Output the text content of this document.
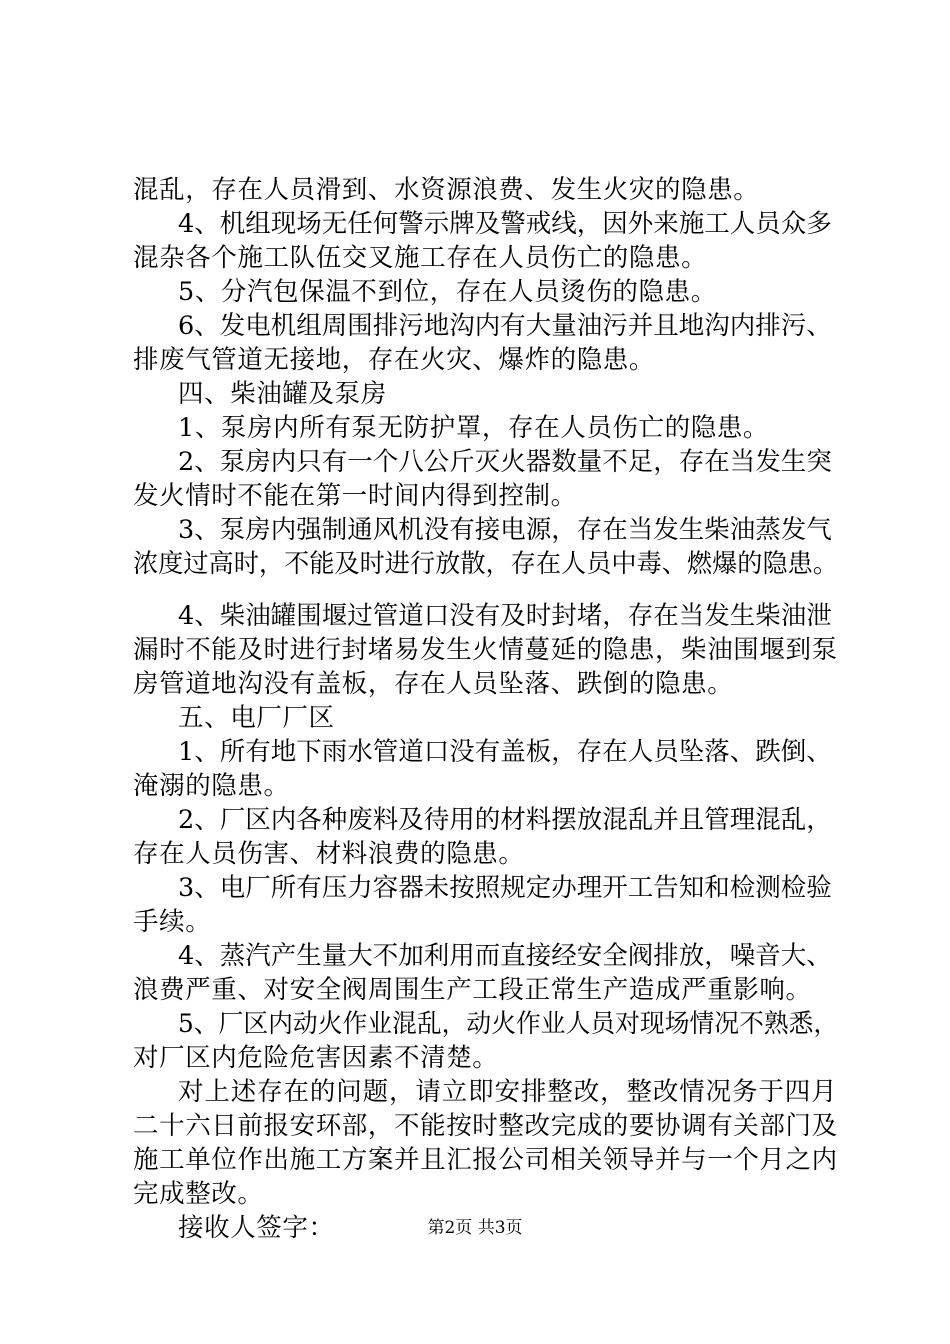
混乱，存在人员滑到、水资源浪费、发生火灾的隐患。
4、机组现场无任何警示牌及警戒线，因外来施工人员众多
混杂各个施工队伍交叉施工存在人员伤亡的隐患。
5、分汽包保温不到位，存在人员烫伤的隐患。
6、发电机组周围排污地沟内有大量油污并且地沟内排污、
排废气管道无接地，存在火灾、爆炸的隐患。
四、柴油罐及泵房
1、泵房内所有泵无防护罩，存在人员伤亡的隐患。
2、泵房内只有一个八公斤灭火器数量不足，存在当发生突
发火情时不能在第一时间内得到控制。
3、泵房内强制通风机没有接电源，存在当发生柴油蒸发气
浓度过高时，不能及时进行放散，存在人员中毒、燃爆的隐患。
4、柴油罐围堰过管道口没有及时封堵，存在当发生柴油泄
漏时不能及时进行封堵易发生火情蔓延的隐患，柴油围堰到泵
房管道地沟没有盖板，存在人员坠落、跌倒的隐患。
五、电厂厂区
1、所有地下雨水管道口没有盖板，存在人员坠落、跌倒、
淹溺的隐患。
2、厂区内各种废料及待用的材料摆放混乱并且管理混乱，
存在人员伤害、材料浪费的隐患。
3、电厂所有压力容器未按照规定办理开工告知和检测检验
手续。
4、蒸汽产生量大不加利用而直接经安全阀排放，噪音大、
浪费严重、对安全阀周围生产工段正常生产造成严重影响。
5、厂区内动火作业混乱，动火作业人员对现场情况不熟悉，
对厂区内危险危害因素不清楚。
对上述存在的问题，请立即安排整改，整改情况务于四月
二十六日前报安环部，不能按时整改完成的要协调有关部门及
施工单位作出施工方案并且汇报公司相关领导并与一个月之内
完成整改。
接收人签字：	第2页 共3页
